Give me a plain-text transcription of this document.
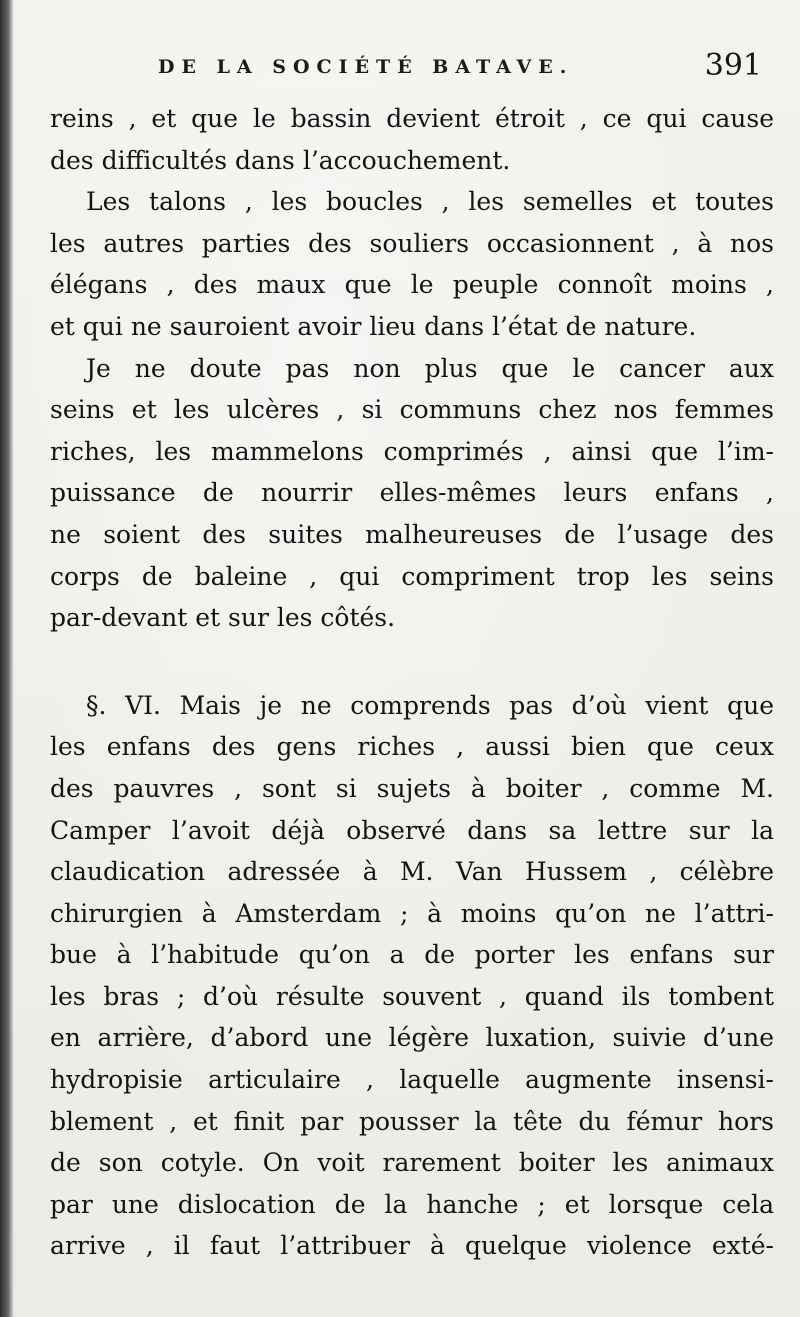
DE LA SOCIÉTÉ BATAVE.	391
reins , et que le bassin devient étroit , ce qui cause
des difficultés dans l’accouchement.
Les talons , les boucles , les semelles et toutes
les autres parties des souliers occasionnent , à nos
élégans , des maux que le peuple connoît moins ,
et qui ne sauroient avoir lieu dans l’état de nature.
Je ne doute pas non plus que le cancer aux
seins et les ulcères , si communs chez nos femmes
riches, les mammelons comprimés , ainsi que l’im-
puissance de nourrir elles-mêmes leurs enfans ,
ne soient des suites malheureuses de l’usage des
corps de baleine , qui compriment trop les seins
par-devant et sur les côtés.
§. VI. Mais je ne comprends pas d’où vient que
les enfans des gens riches , aussi bien que ceux
des pauvres , sont si sujets à boiter , comme M.
Camper l’avoit déjà observé dans sa lettre sur la
claudication adressée à M. Van Hussem , célèbre
chirurgien à Amsterdam ; à moins qu’on ne l’attri-
bue à l’habitude qu’on a de porter les enfans sur
les bras ; d’où résulte souvent , quand ils tombent
en arrière, d’abord une légère luxation, suivie d’une
hydropisie articulaire , laquelle augmente insensi-
blement , et finit par pousser la tête du fémur hors
de son cotyle. On voit rarement boiter les animaux
par une dislocation de la hanche ; et lorsque cela
arrive , il faut l’attribuer à quelque violence exté-
